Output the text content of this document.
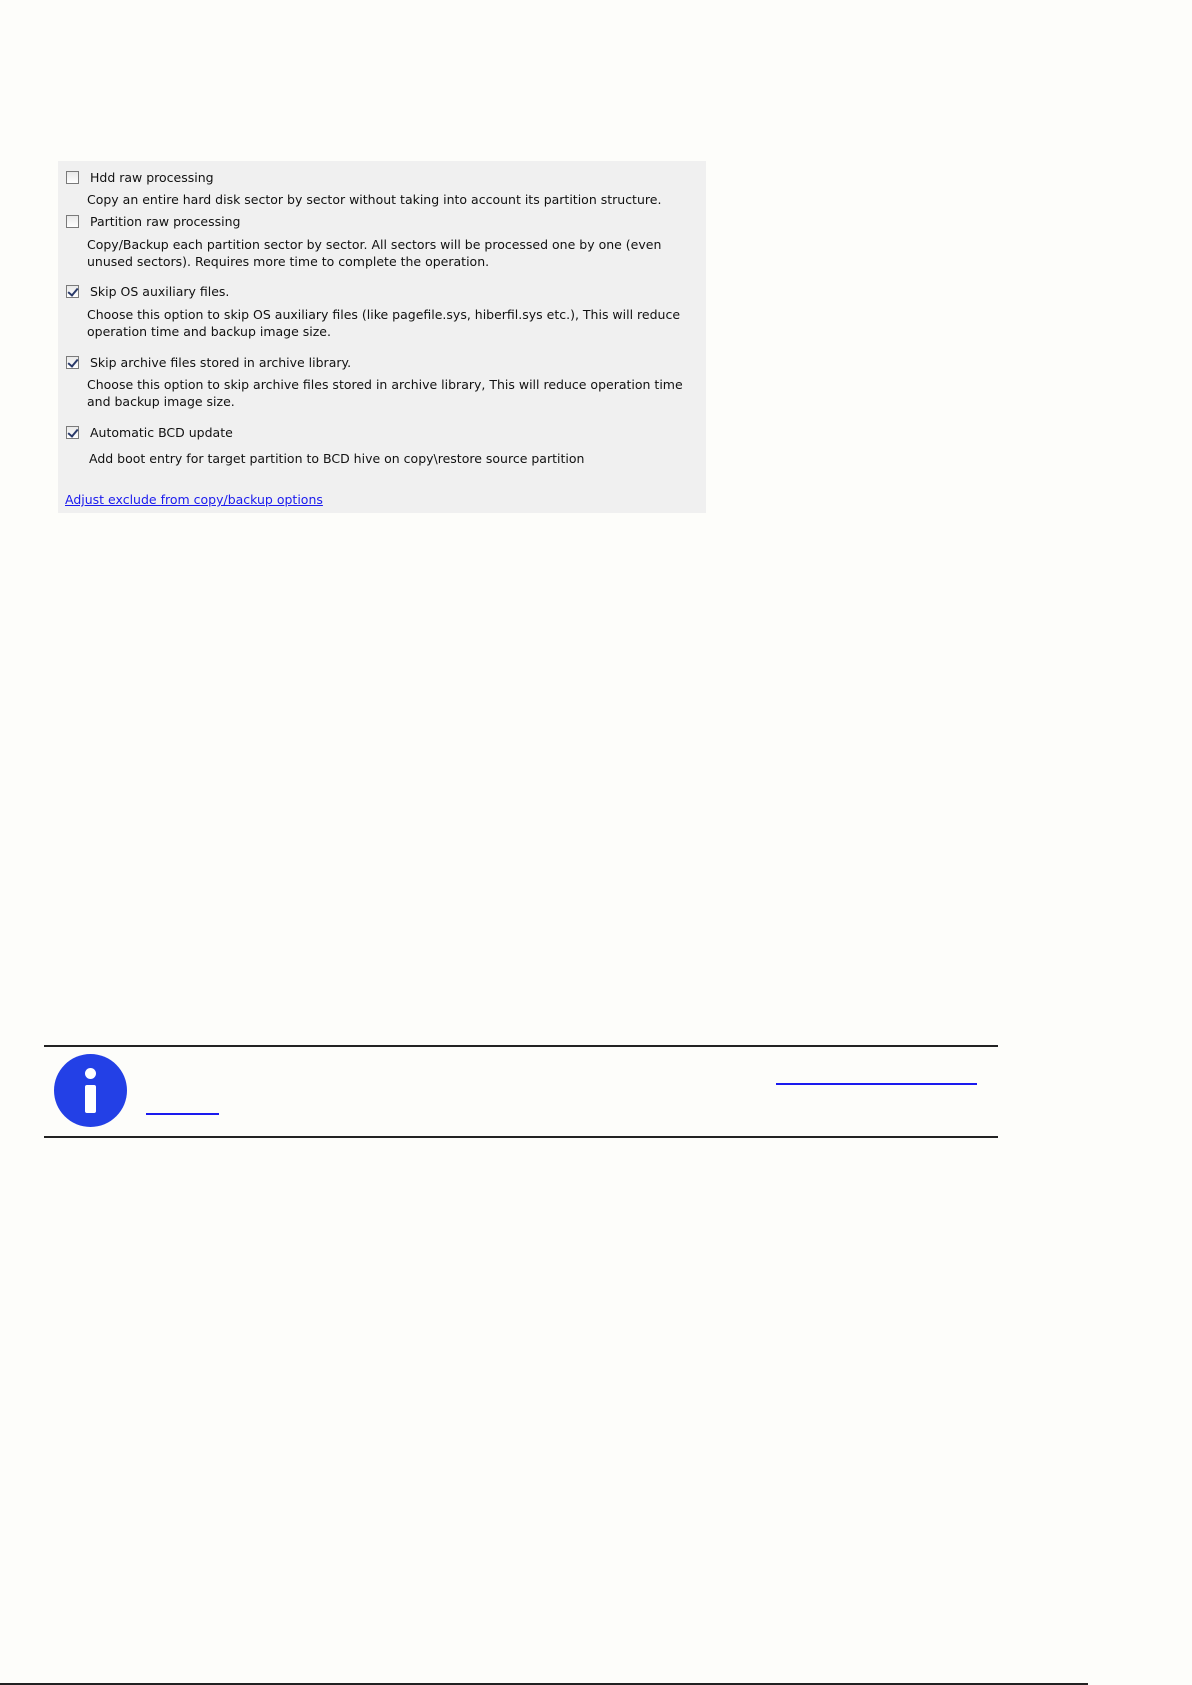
Hdd raw processing
Copy an entire hard disk sector by sector without taking into account its partition structure.
Partition raw processing
Copy/Backup each partition sector by sector. All sectors will be processed one by one (even unused sectors). Requires more time to complete the operation.
Skip OS auxiliary files.
Choose this option to skip OS auxiliary files (like pagefile.sys, hiberfil.sys etc.), This will reduce operation time and backup image size.
Skip archive files stored in archive library.
Choose this option to skip archive files stored in archive library, This will reduce operation time and backup image size.
Automatic BCD update
Add boot entry for target partition to BCD hive on copy\restore source partition
Adjust exclude from copy/backup options
